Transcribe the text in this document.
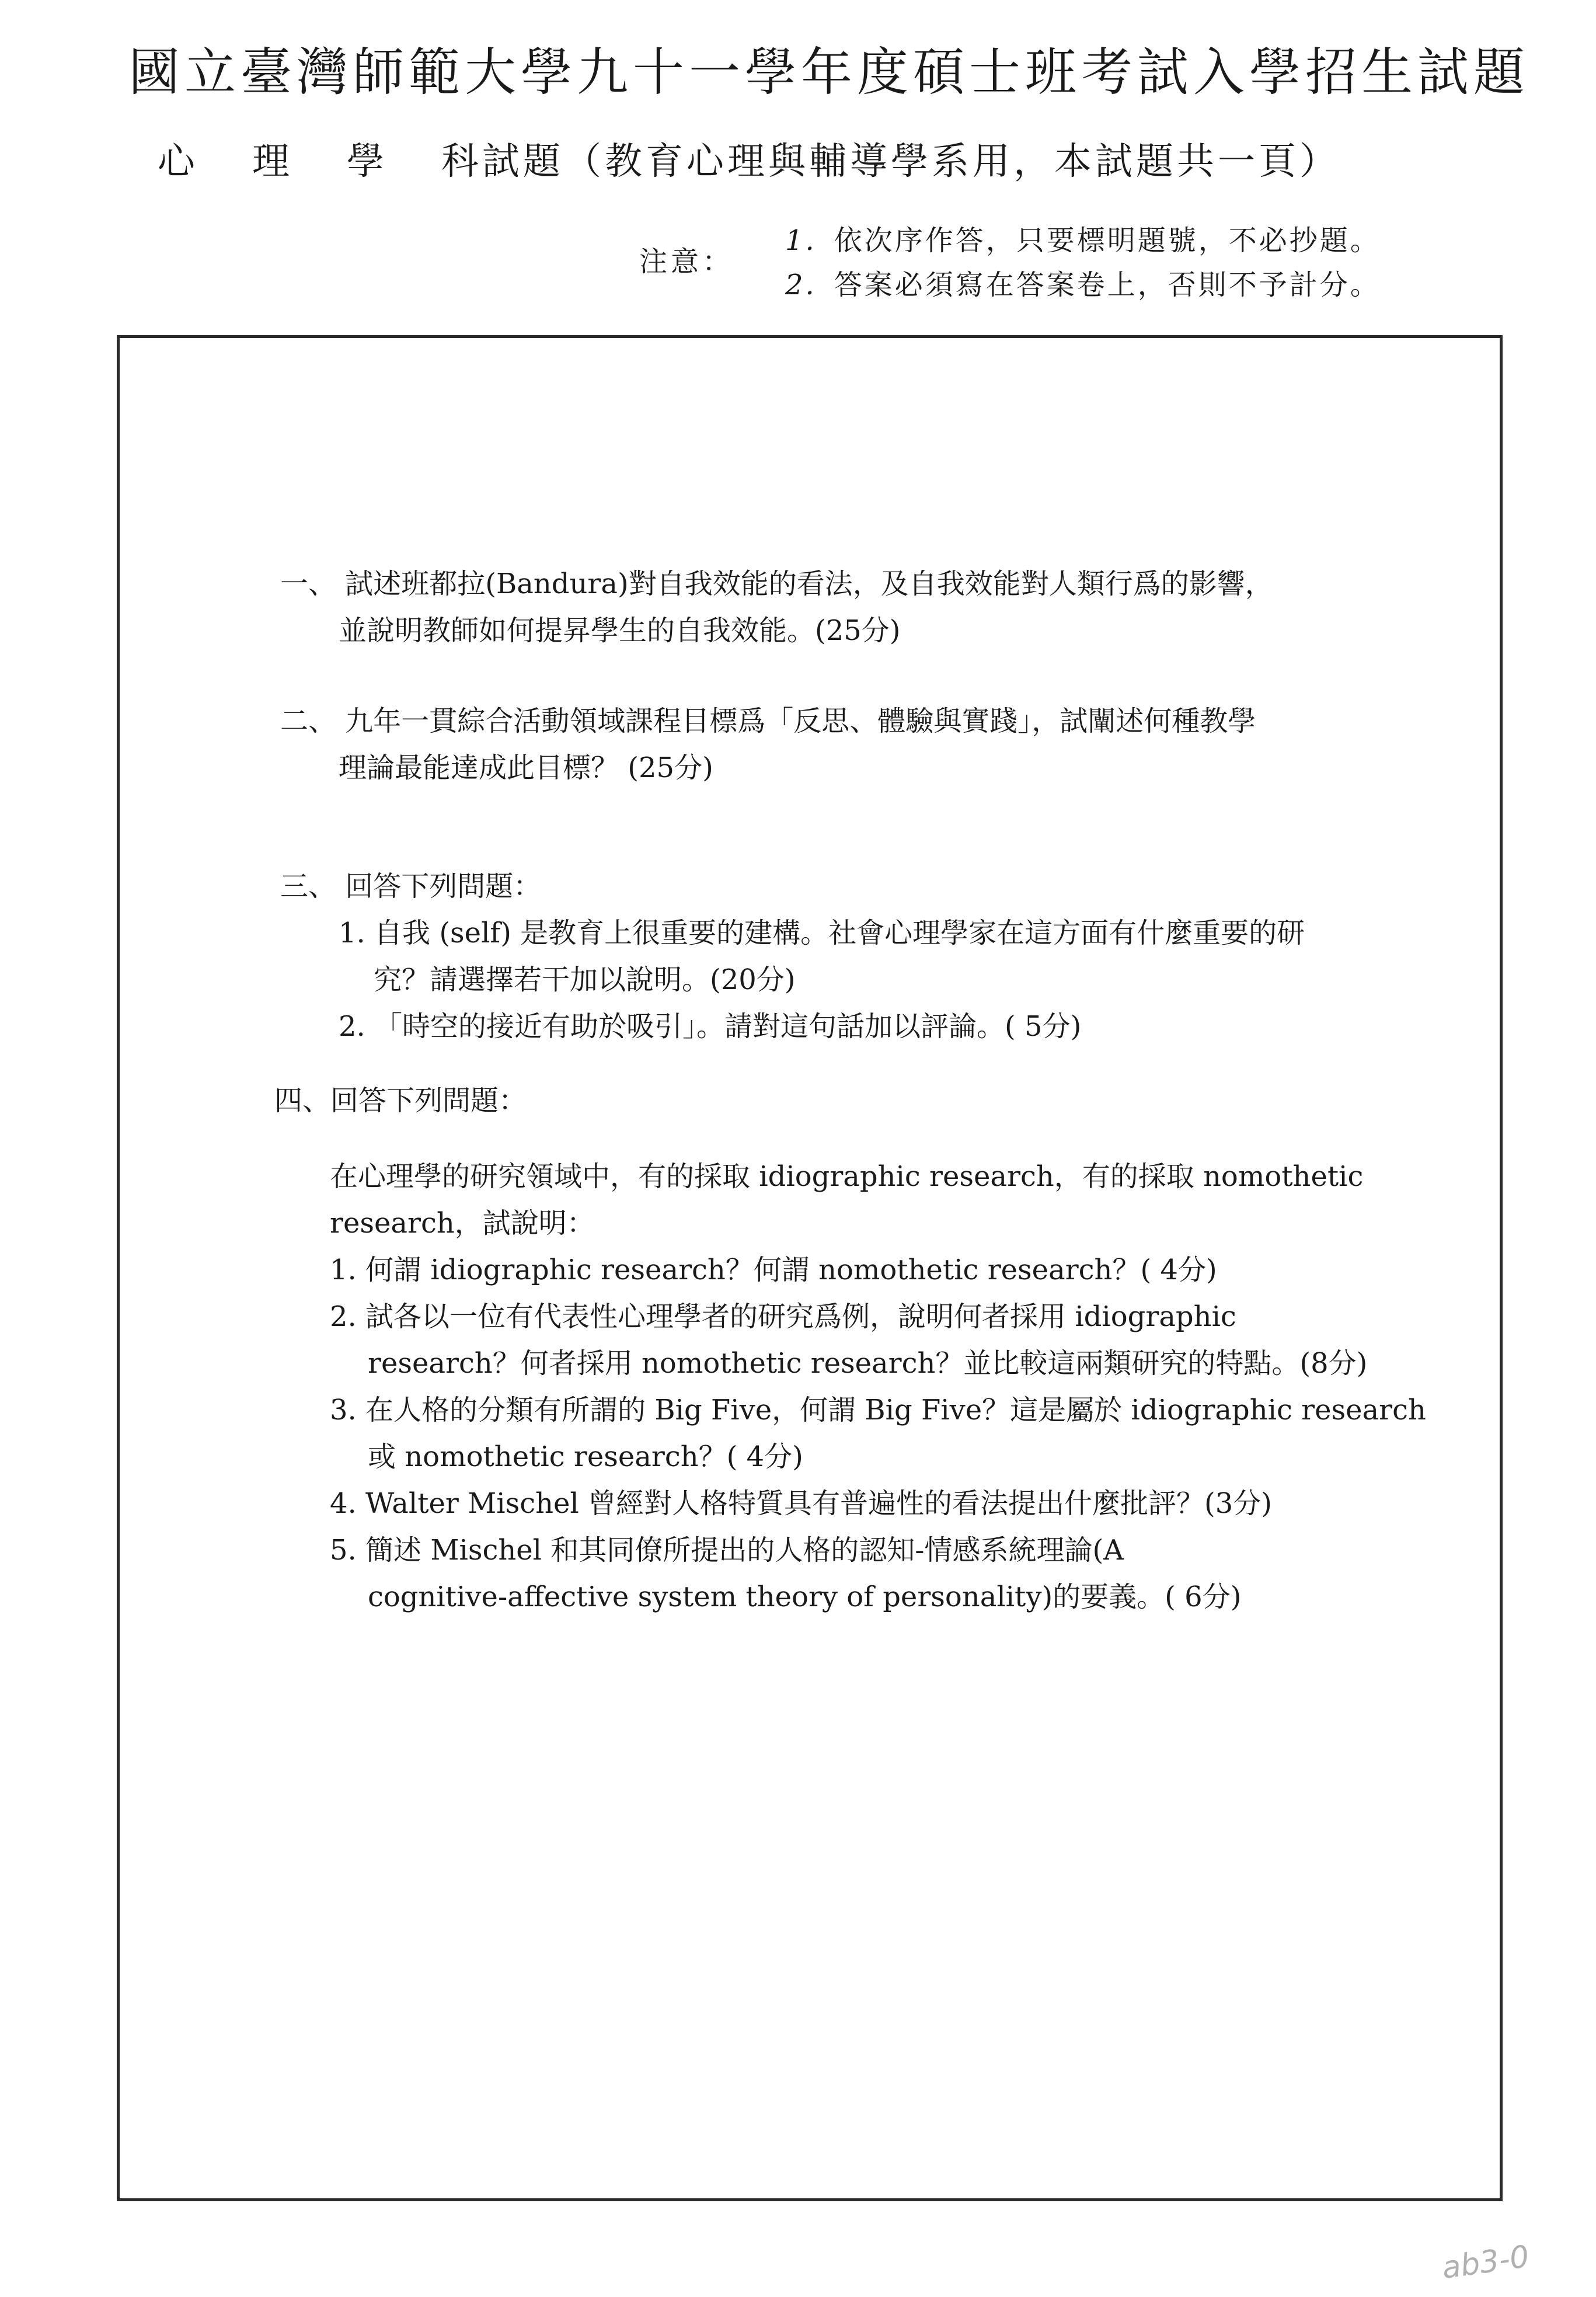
國立臺灣師範大學九十一學年度碩士班考試入學招生試題
心 理 學 科試題（教育心理與輔導學系用，本試題共一頁）
注意：
1. 依次序作答，只要標明題號，不必抄題。
2. 答案必須寫在答案卷上，否則不予計分。
一、 試述班都拉(Bandura)對自我效能的看法，及自我效能對人類行爲的影響，
並說明教師如何提昇學生的自我效能。(25分)
二、 九年一貫綜合活動領域課程目標爲「反思、體驗與實踐」，試闡述何種教學
理論最能達成此目標？ (25分)
三、 回答下列問題：
1. 自我 (self) 是教育上很重要的建構。社會心理學家在這方面有什麼重要的研
究？請選擇若干加以說明。(20分)
2. 「時空的接近有助於吸引」。請對這句話加以評論。( 5分)
四、回答下列問題：
在心理學的研究領域中，有的採取 idiographic research，有的採取 nomothetic
research，試說明：
1. 何謂 idiographic research？何謂 nomothetic research？( 4分)
2. 試各以一位有代表性心理學者的研究爲例，說明何者採用 idiographic
research？何者採用 nomothetic research？並比較這兩類研究的特點。(8分)
3. 在人格的分類有所謂的 Big Five，何謂 Big Five？這是屬於 idiographic research
或 nomothetic research？( 4分)
4. Walter Mischel 曾經對人格特質具有普遍性的看法提出什麼批評？(3分)
5. 簡述 Mischel 和其同僚所提出的人格的認知-情感系統理論(A
cognitive-affective system theory of personality)的要義。( 6分)
ab3-0
